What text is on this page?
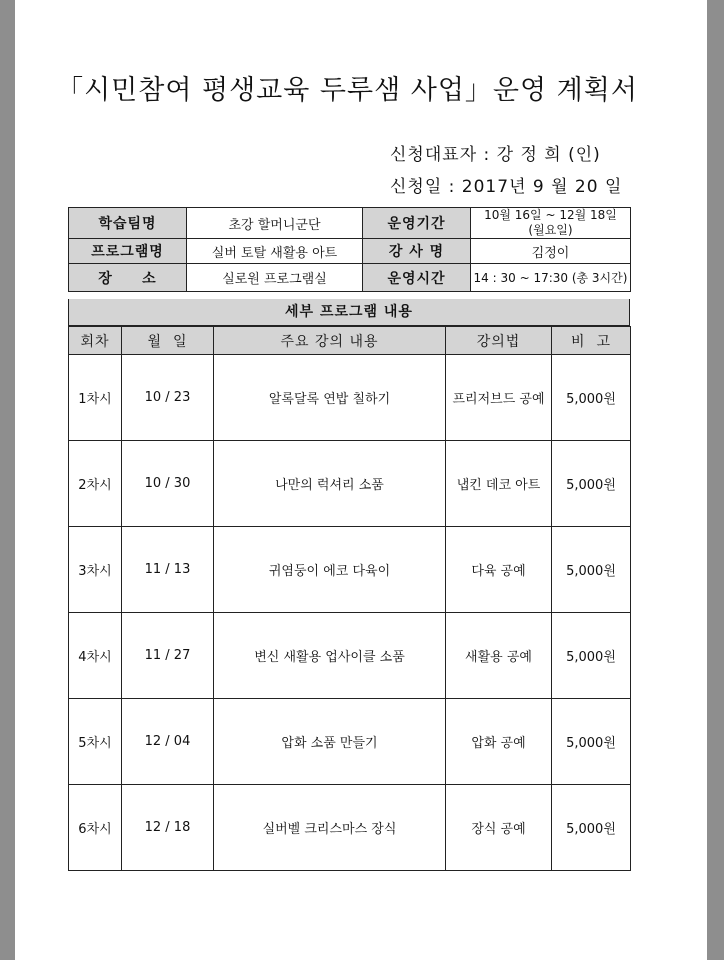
「시민참여 평생교육 두루샘 사업」운영 계획서
신청대표자 : 강 정 희 (인)
신청일 : 2017년 9 월 20 일
학습팀명	초강 할머니군단	운영기간	10월 16일 ~ 12월 18일
(월요일)

프로그램명	실버 토탈 새활용 아트	강 사 명	김정이
장     소	실로원 프로그램실	운영시간	14 : 30 ~ 17:30 (총 3시간)
세부 프로그램 내용
회차	월  일	주요 강의 내용	강의법	비  고
1차시	10 / 23	알록달록 연밥 칠하기	프리저브드 공예	5,000원
2차시	10 / 30	나만의 럭셔리 소품	냅킨 데코 아트	5,000원
3차시	11 / 13	귀염둥이 에코 다육이	다육 공예	5,000원
4차시	11 / 27	변신 새활용 업사이클 소품	새활용 공예	5,000원
5차시	12 / 04	압화 소품 만들기	압화 공예	5,000원
6차시	12 / 18	실버벨 크리스마스 장식	장식 공예	5,000원
